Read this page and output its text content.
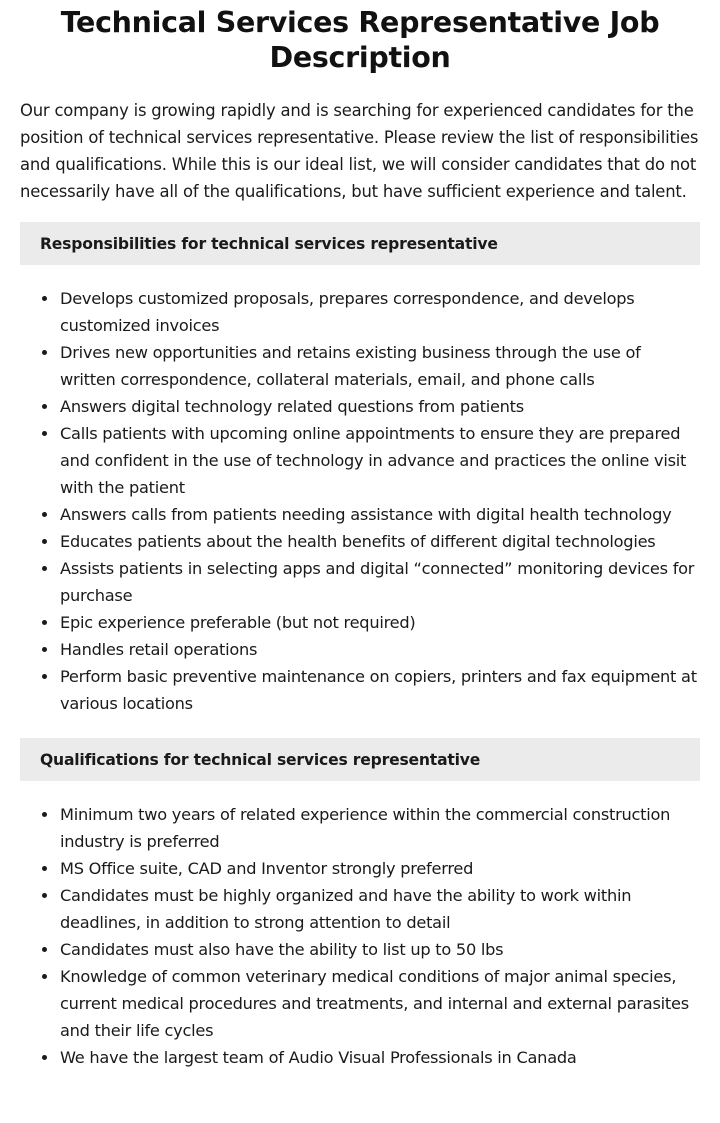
Technical Services Representative Job Description

Our company is growing rapidly and is searching for experienced candidates for the position of technical services representative. Please review the list of responsibilities and qualifications. While this is our ideal list, we will consider candidates that do not necessarily have all of the qualifications, but have sufficient experience and talent.

Responsibilities for technical services representative
Develops customized proposals, prepares correspondence, and develops customized invoices
Drives new opportunities and retains existing business through the use of written correspondence, collateral materials, email, and phone calls
Answers digital technology related questions from patients
Calls patients with upcoming online appointments to ensure they are prepared and confident in the use of technology in advance and practices the online visit with the patient
Answers calls from patients needing assistance with digital health technology
Educates patients about the health benefits of different digital technologies
Assists patients in selecting apps and digital “connected” monitoring devices for purchase
Epic experience preferable (but not required)
Handles retail operations
Perform basic preventive maintenance on copiers, printers and fax equipment at various locations
Qualifications for technical services representative
Minimum two years of related experience within the commercial construction industry is preferred
MS Office suite, CAD and Inventor strongly preferred
Candidates must be highly organized and have the ability to work within deadlines, in addition to strong attention to detail
Candidates must also have the ability to list up to 50 lbs
Knowledge of common veterinary medical conditions of major animal species, current medical procedures and treatments, and internal and external parasites and their life cycles
We have the largest team of Audio Visual Professionals in Canada
